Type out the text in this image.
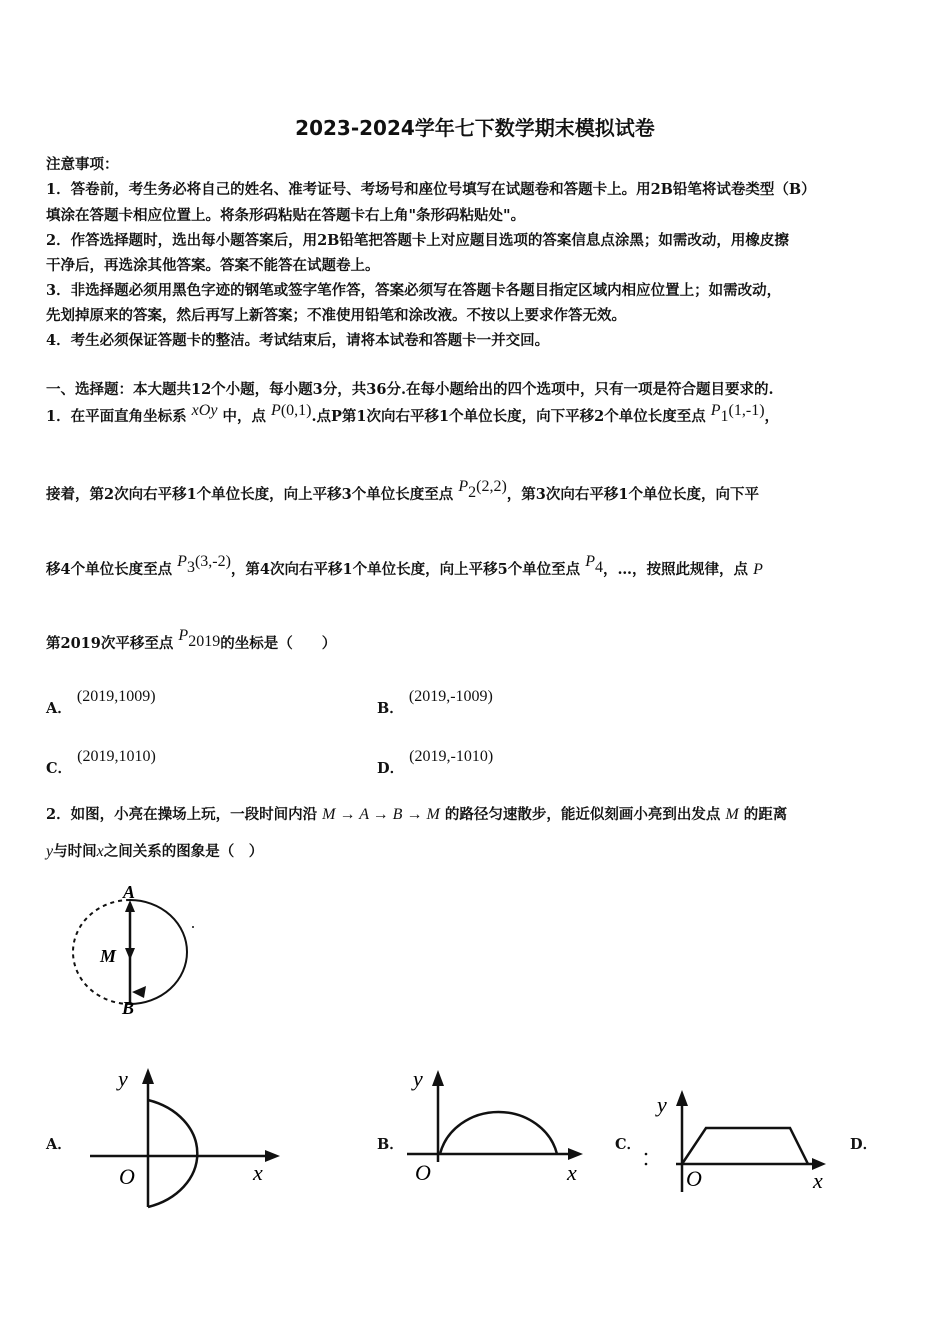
2023-2024学年七下数学期末模拟试卷
注意事项：
1．答卷前，考生务必将自己的姓名、准考证号、考场号和座位号填写在试题卷和答题卡上。用2B铅笔将试卷类型（B）
填涂在答题卡相应位置上。将条形码粘贴在答题卡右上角"条形码粘贴处"。
2．作答选择题时，选出每小题答案后，用2B铅笔把答题卡上对应题目选项的答案信息点涂黑；如需改动，用橡皮擦
干净后，再选涂其他答案。答案不能答在试题卷上。
3．非选择题必须用黑色字迹的钢笔或签字笔作答，答案必须写在答题卡各题目指定区域内相应位置上；如需改动，
先划掉原来的答案，然后再写上新答案；不准使用铅笔和涂改液。不按以上要求作答无效。
4．考生必须保证答题卡的整洁。考试结束后，请将本试卷和答题卡一并交回。
一、选择题：本大题共12个小题，每小题3分，共36分.在每小题给出的四个选项中，只有一项是符合题目要求的.
1．在平面直角坐标系 xOy 中，点 P(0,1).点P第1次向右平移1个单位长度，向下平移2个单位长度至点 $P_1(1,-1)$，
接着，第2次向右平移1个单位长度，向上平移3个单位长度至点 $P_2(2,2)$，第3次向右平移1个单位长度，向下平
移4个单位长度至点 $P_3(3,-2)$，第4次向右平移1个单位长度，向上平移5个单位至点 $P_4$，…，按照此规律，点 P
第2019次平移至点 $P_{2019}$的坐标是（　　）
A． (2019,1009)
B． (2019,-1009)
C． (2019,1010)
D． (2019,-1010)
2．如图，小亮在操场上玩，一段时间内沿 M → A → B → M 的路径匀速散步，能近似刻画小亮到出发点 M 的距离
y与时间x之间关系的图象是（　）
A
M
B
A．
y
O	x
B．
y
O	x
C．
y
O	x
D．
